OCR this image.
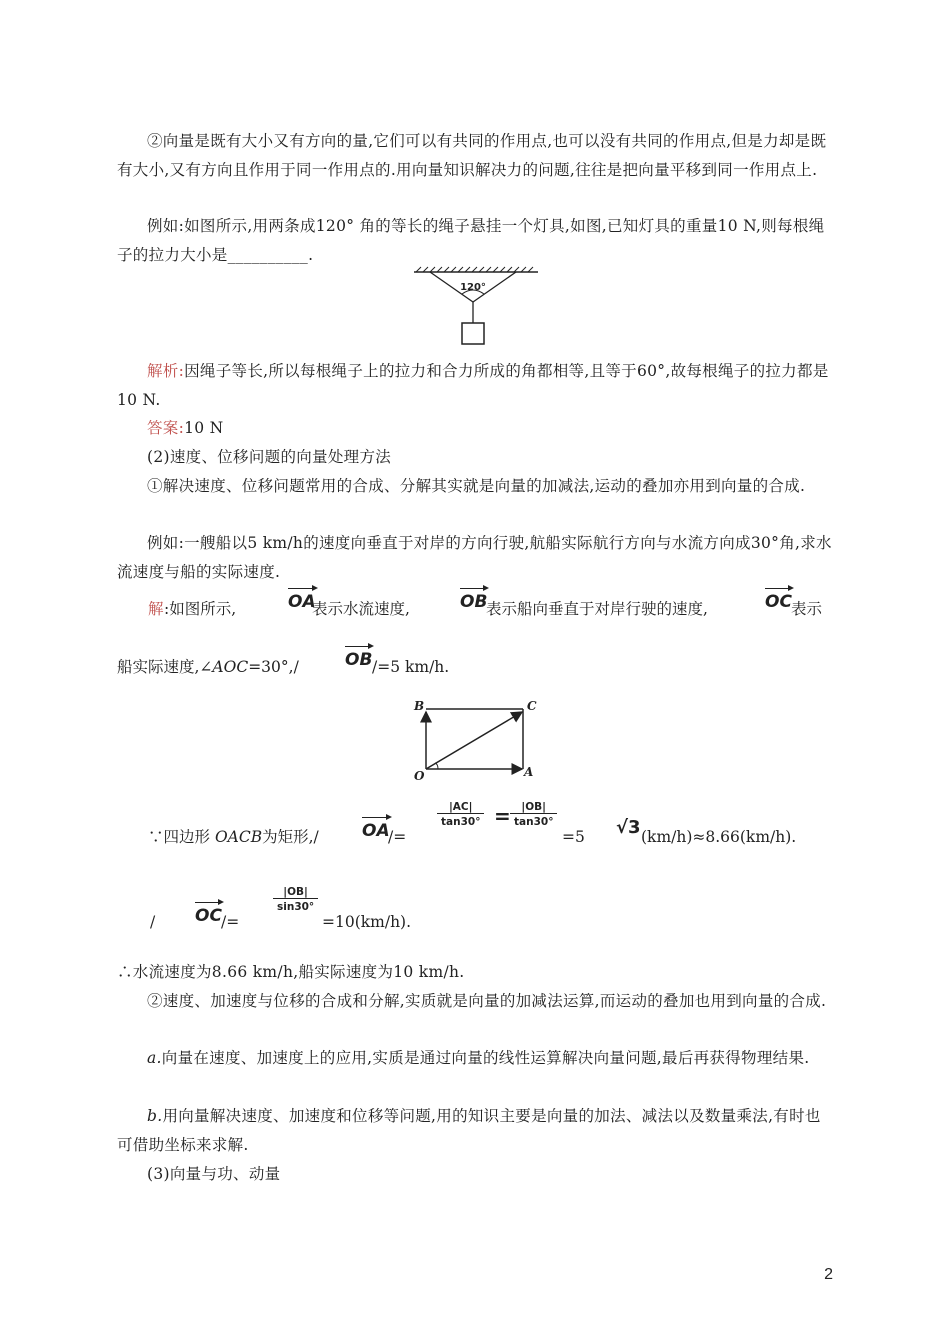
②向量是既有大小又有方向的量,它们可以有共同的作用点,也可以没有共同的作用点,但是力却是既有大小,又有方向且作用于同一作用点的.用向量知识解决力的问题,往往是把向量平移到同一作用点上.

例如:如图所示,用两条成120° 角的等长的绳子悬挂一个灯具,如图,已知灯具的重量10 N,则每根绳子的拉力大小是__________.

120°

解析:因绳子等长,所以每根绳子上的拉力和合力所成的角都相等,且等于60°,故每根绳子的拉力都是10 N.

答案:10 N

(2)速度、位移问题的向量处理方法

①解决速度、位移问题常用的合成、分解其实就是向量的加减法,运动的叠加亦用到向量的合成.

例如:一艘船以5 km/h的速度向垂直于对岸的方向行驶,航船实际航行方向与水流方向成30°角,求水流速度与船的实际速度.

解 :如图所示,	OA
表示水流速度,	OB
表示船向垂直于对岸行驶的速度,	OC 表示
船实际速度,∠AOC=30°,/	OB /=5 km/h.
B	C
O	A
∵四边形 OACB为矩形,/	OA
/=
$\frac{|AC|}{\tan 30^\circ} = \frac{|OB|}{\tan 30^\circ}$
=5 √3 (km/h)≈8.66(km/h).
/ OC /=
$\frac{|OB|}{\sin 30^\circ}$
=10(km/h).

∴水流速度为8.66 km/h,船实际速度为10 km/h.

②速度、加速度与位移的合成和分解,实质就是向量的加减法运算,而运动的叠加也用到向量的合成.

a.向量在速度、加速度上的应用,实质是通过向量的线性运算解决向量问题,最后再获得物理结果.

b.用向量解决速度、加速度和位移等问题,用的知识主要是向量的加法、减法以及数量乘法,有时也可借助坐标来求解.

(3)向量与功、动量

2
